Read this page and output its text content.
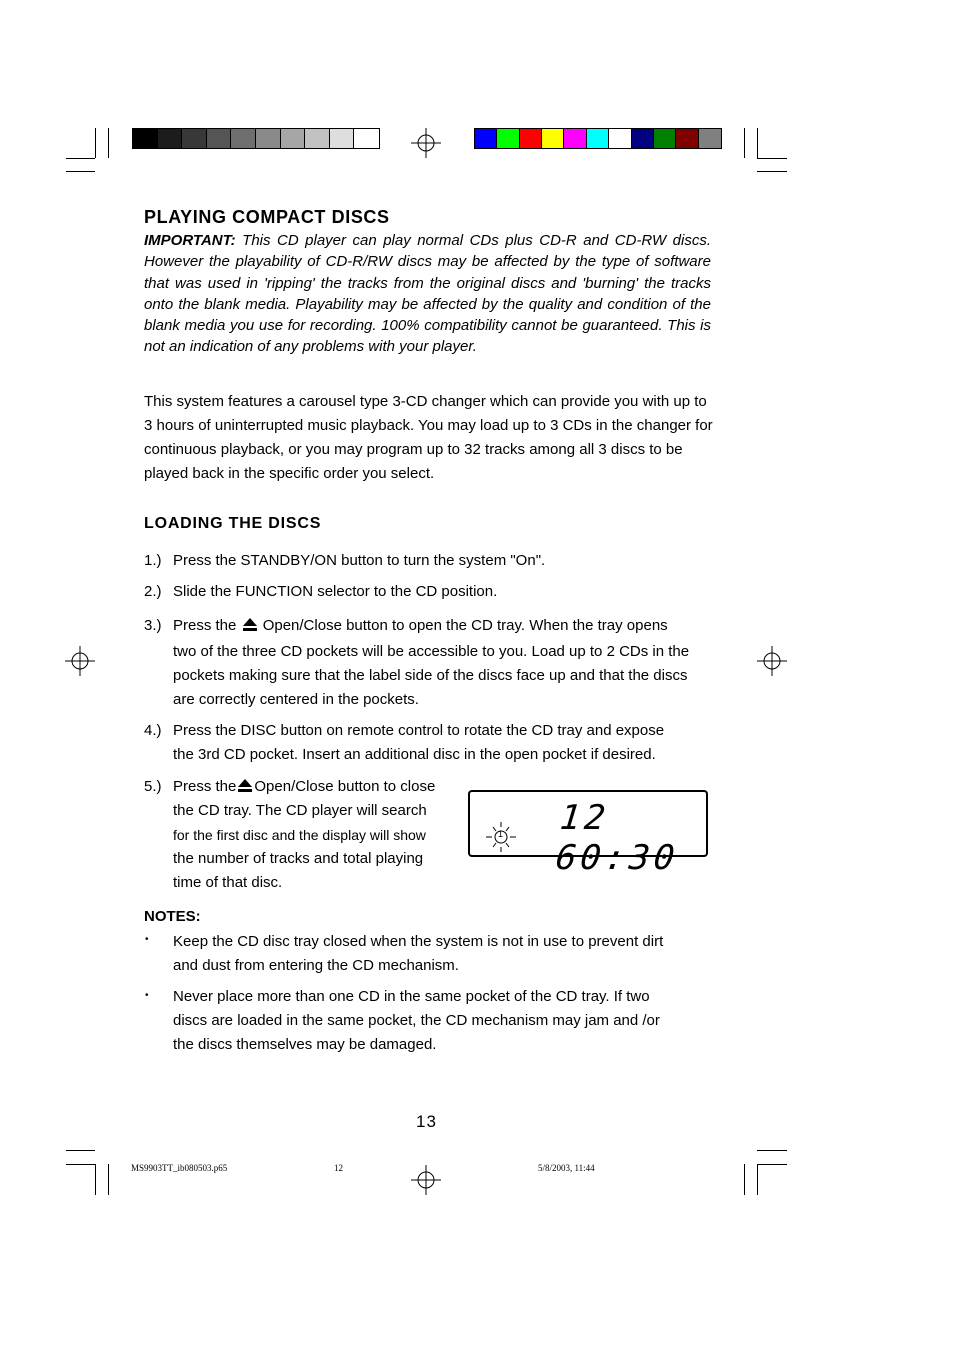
PLAYING COMPACT DISCS
IMPORTANT: This CD player can play normal CDs plus CD-R and CD-RW discs. However the playability of CD-R/RW discs may be affected by the type of software that was used in 'ripping' the tracks from the original discs and 'burning' the tracks onto the blank media. Playability may be affected by the quality and condition of the blank media you use for recording. 100% compatibility cannot be guaranteed. This is not an indication of any problems with your player.
This system features a carousel type 3-CD changer which can provide you with up to 3 hours of uninterrupted music playback. You may load up to 3 CDs in the changer for continuous playback, or you may program up to 32 tracks among all 3 discs to be played back in the specific order you select.
LOADING THE DISCS
1.) Press the STANDBY/ON button to turn the system "On".
2.) Slide the FUNCTION selector to the CD position.
3.) Press the  Open/Close button to open the CD tray. When the tray opens
two of the three CD pockets will be accessible to you. Load up to 2 CDs in the
pockets making sure that the label side of the discs face up and that the discs
are correctly centered in the pockets.
4.) Press the DISC button on remote control to rotate the CD tray and expose
the 3rd CD pocket. Insert an additional disc in the open pocket if desired.
5.) Press the Open/Close button to close
the CD tray. The CD player will search
for the first disc and the display will show
the number of tracks and total playing
time of that disc.
1 12 60:30
NOTES:
• Keep the CD disc tray closed when the system is not in use to prevent dirt
and dust from entering the CD mechanism.
• Never place more than one CD in the same pocket of the CD tray. If two
discs are loaded in the same pocket, the CD mechanism may jam and /or
the discs themselves may be damaged.
13
MS9903TT_ib080503.p65	12	5/8/2003, 11:44
